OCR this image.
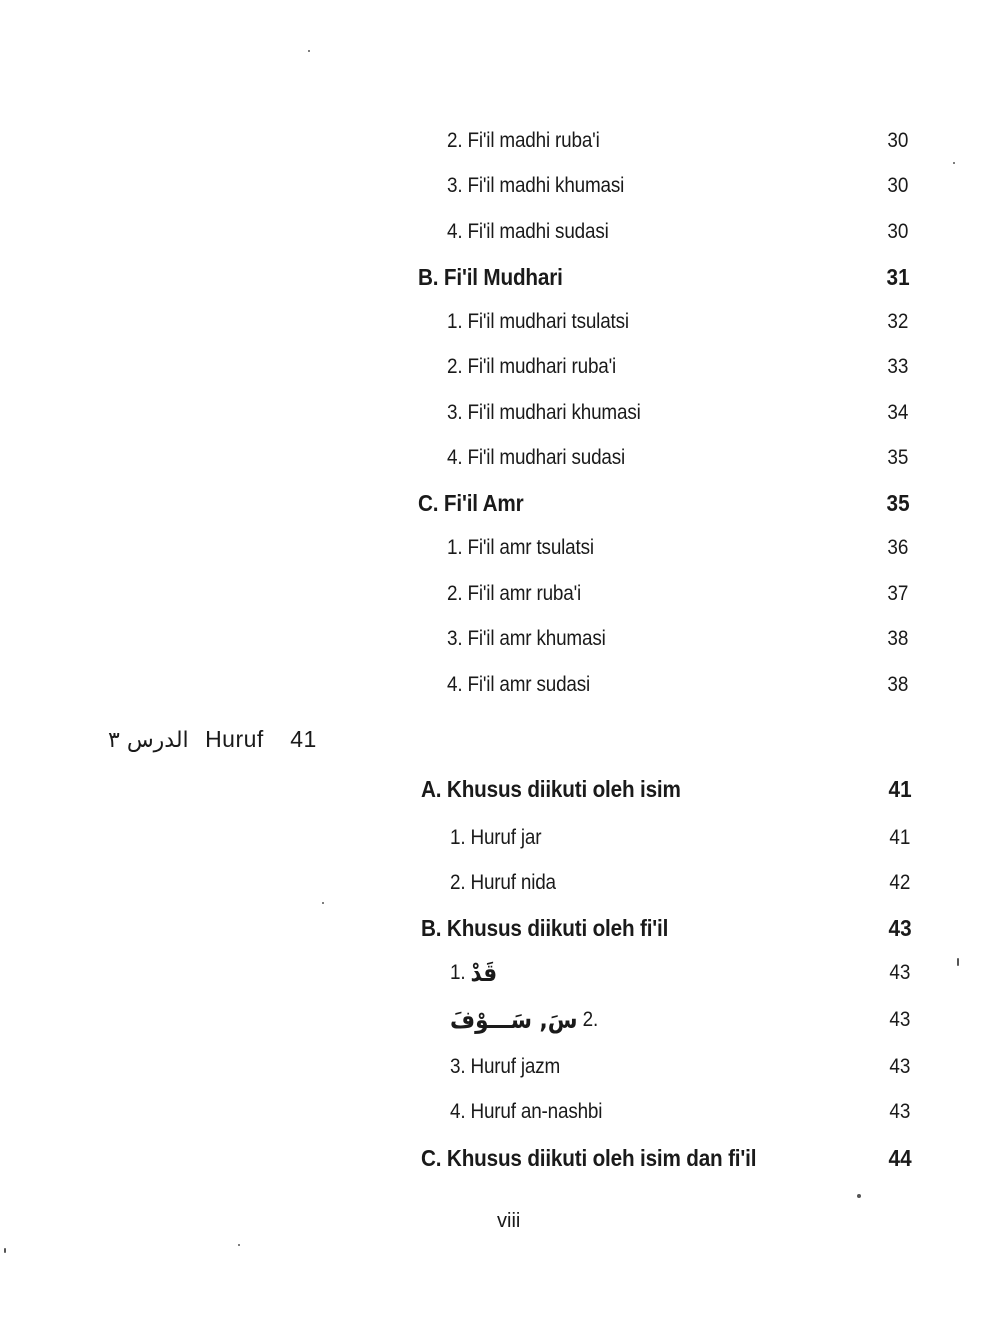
2. Fi'il madhi ruba'i	30
3. Fi'il madhi khumasi	30
4. Fi'il madhi sudasi	30
B. Fi'il Mudhari	31
1. Fi'il mudhari tsulatsi	32
2. Fi'il mudhari ruba'i	33
3. Fi'il mudhari khumasi	34
4. Fi'il mudhari sudasi	35
C. Fi'il Amr	35
1. Fi'il amr tsulatsi	36
2. Fi'il amr ruba'i	37
3. Fi'il amr khumasi	38
4. Fi'il amr sudasi	38
الدرس ٣ Huruf 41
A. Khusus diikuti oleh isim	41
1. Huruf jar	41
2. Huruf nida	42
B. Khusus diikuti oleh fi'il	43
1. قَدْ	43
سَ, سَـــوْفَ 2.	43
3. Huruf jazm	43
4. Huruf an-nashbi	43
C. Khusus diikuti oleh isim dan fi'il	44
viii
